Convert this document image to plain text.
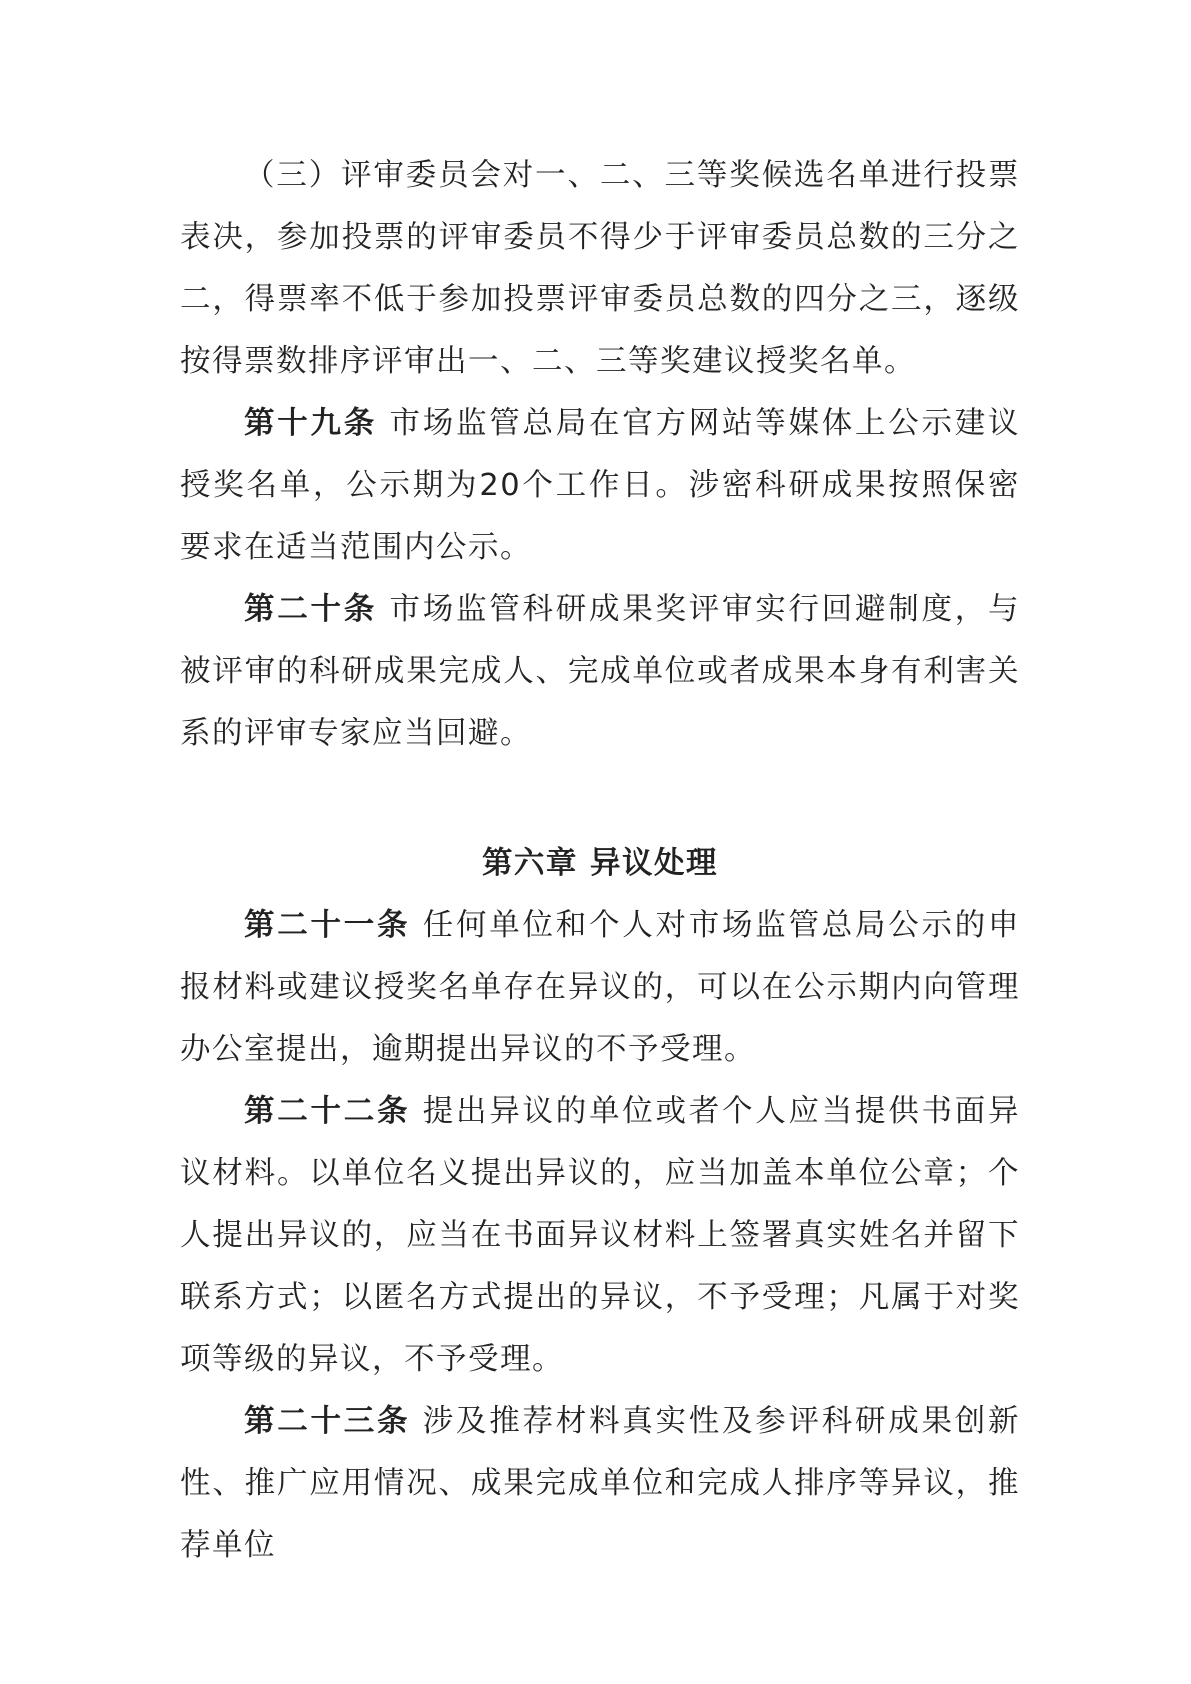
（三）评审委员会对一、二、三等奖候选名单进行投票表决，参加投票的评审委员不得少于评审委员总数的三分之二，得票率不低于参加投票评审委员总数的四分之三，逐级按得票数排序评审出一、二、三等奖建议授奖名单。

第十九条 市场监管总局在官方网站等媒体上公示建议授奖名单，公示期为20个工作日。涉密科研成果按照保密要求在适当范围内公示。

第二十条 市场监管科研成果奖评审实行回避制度，与被评审的科研成果完成人、完成单位或者成果本身有利害关系的评审专家应当回避。

第六章 异议处理

第二十一条 任何单位和个人对市场监管总局公示的申报材料或建议授奖名单存在异议的，可以在公示期内向管理办公室提出，逾期提出异议的不予受理。

第二十二条 提出异议的单位或者个人应当提供书面异议材料。以单位名义提出异议的，应当加盖本单位公章；个人提出异议的，应当在书面异议材料上签署真实姓名并留下联系方式；以匿名方式提出的异议，不予受理；凡属于对奖项等级的异议，不予受理。

第二十三条 涉及推荐材料真实性及参评科研成果创新性、推广应用情况、成果完成单位和完成人排序等异议，推荐单位
